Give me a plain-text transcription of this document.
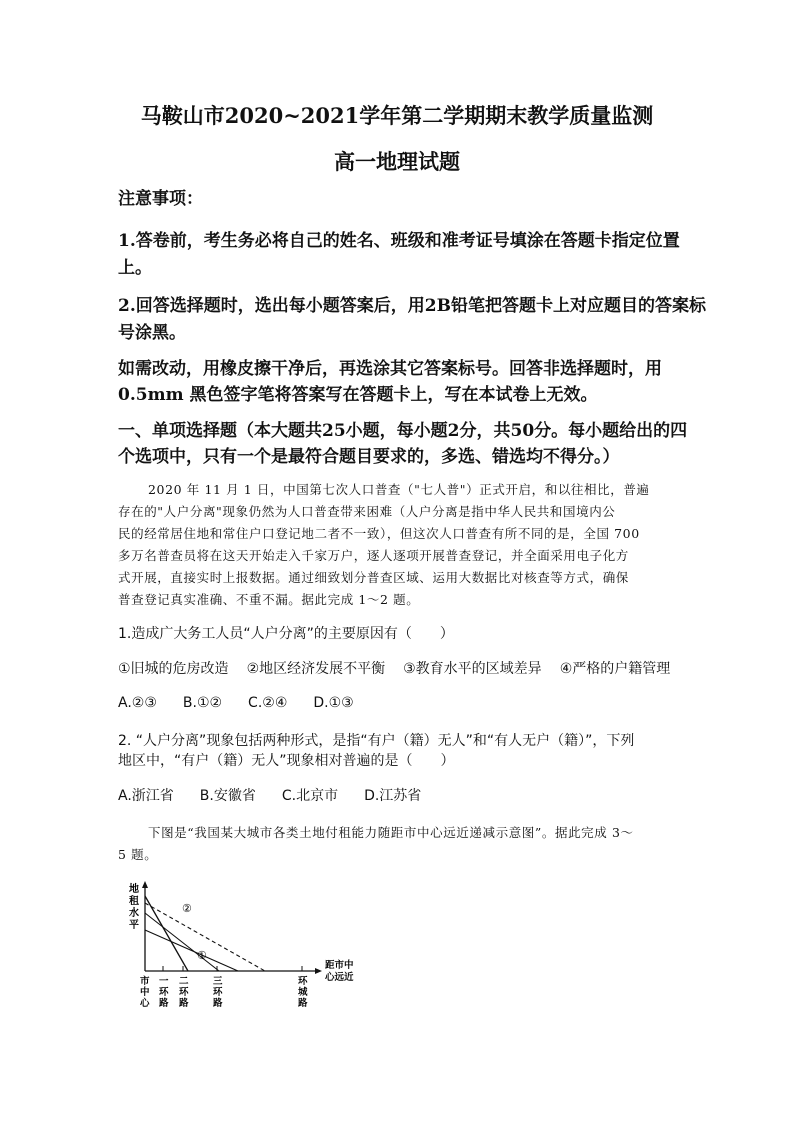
马鞍山市2020~2021学年第二学期期末教学质量监测
高一地理试题
注意事项：
1.答卷前，考生务必将自己的姓名、班级和准考证号填涂在答题卡指定位置
上。
2.回答选择题时，选出每小题答案后，用2B铅笔把答题卡上对应题目的答案标
号涂黑。
如需改动，用橡皮擦干净后，再选涂其它答案标号。回答非选择题时，用
0.5mm 黑色签字笔将答案写在答题卡上，写在本试卷上无效。
一、单项选择题（本大题共25小题，每小题2分，共50分。每小题给出的四
个选项中，只有一个是最符合题目要求的，多选、错选均不得分。）
2020 年 11 月 1 日，中国第七次人口普查（"七人普"）正式开启，和以往相比，普遍
存在的"人户分离"现象仍然为人口普查带来困难（人户分离是指中华人民共和国境内公
民的经常居住地和常住户口登记地二者不一致），但这次人口普查有所不同的是，全国 700
多万名普查员将在这天开始走入千家万户，逐人逐项开展普查登记，并全面采用电子化方
式开展，直接实时上报数据。通过细致划分普查区域、运用大数据比对核查等方式，确保
普查登记真实准确、不重不漏。据此完成 1～2 题。
1.造成广大务工人员“人户分离”的主要原因有（　　）
①旧城的危房改造 ②地区经济发展不平衡 ③教育水平的区域差异 ④严格的户籍管理
A.②③ B.①② C.②④ D.①③
2. “人户分离”现象包括两种形式，是指“有户（籍）无人”和“有人无户（籍）”，下列
地区中，“有户（籍）无人”现象相对普遍的是（　　）
A.浙江省 B.安徽省 C.北京市 D.江苏省
下图是“我国某大城市各类土地付租能力随距市中心远近递减示意图”。据此完成 3～
5 题。
地
租
水
平
距市中
心远近
②
①
市
中
心
一
环
路
二
环
路
三
环
路
环
城
路
